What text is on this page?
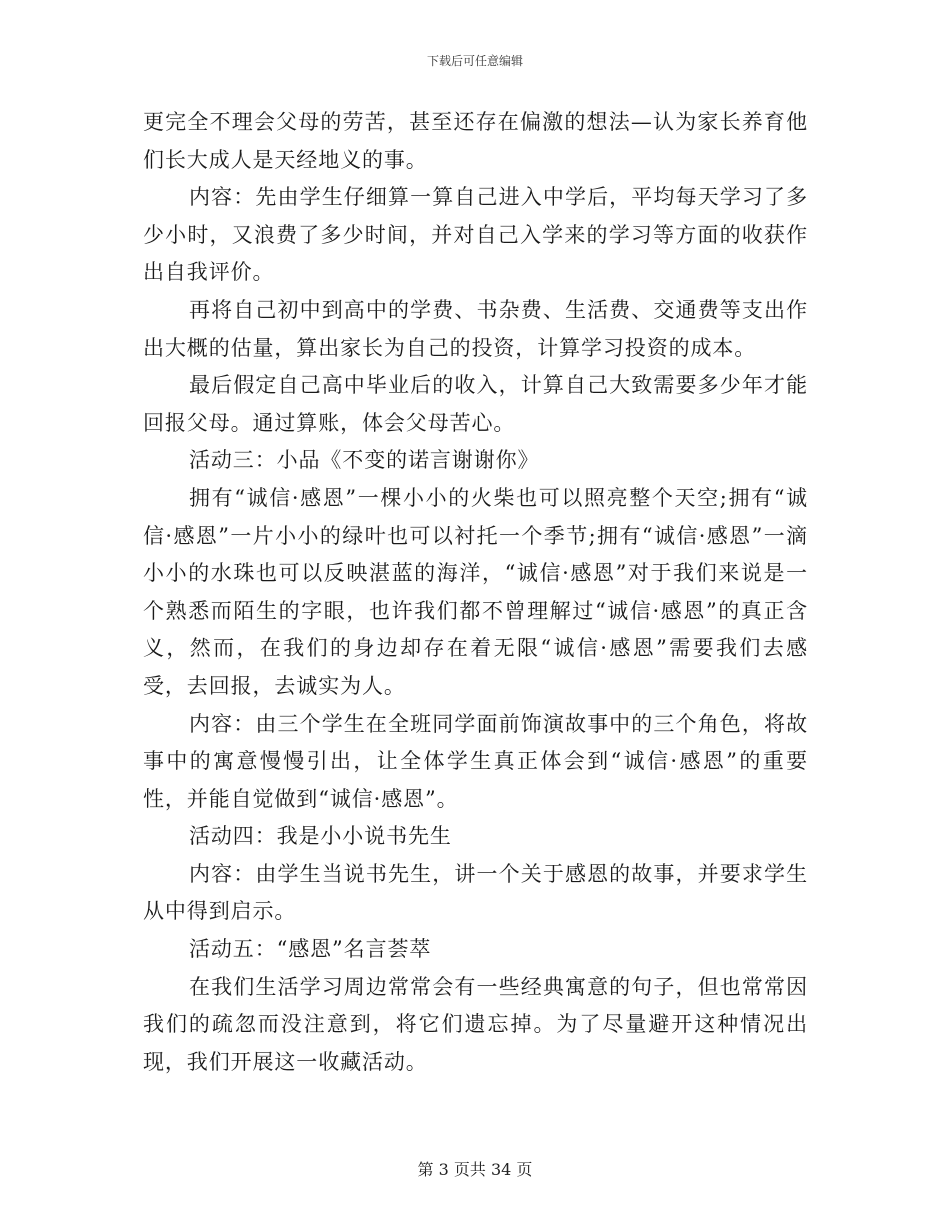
下载后可任意编辑

更完全不理会父母的劳苦，甚至还存在偏激的想法—认为家长养育他们长大成人是天经地义的事。

内容：先由学生仔细算一算自己进入中学后，平均每天学习了多少小时，又浪费了多少时间，并对自己入学来的学习等方面的收获作出自我评价。

再将自己初中到高中的学费、书杂费、生活费、交通费等支出作出大概的估量，算出家长为自己的投资，计算学习投资的成本。

最后假定自己高中毕业后的收入，计算自己大致需要多少年才能回报父母。通过算账，体会父母苦心。

活动三：小品《不变的诺言谢谢你》

拥有“诚信·感恩”一棵小小的火柴也可以照亮整个天空;拥有“诚信·感恩”一片小小的绿叶也可以衬托一个季节;拥有“诚信·感恩”一滴小小的水珠也可以反映湛蓝的海洋，“诚信·感恩”对于我们来说是一个熟悉而陌生的字眼，也许我们都不曾理解过“诚信·感恩”的真正含义，然而，在我们的身边却存在着无限“诚信·感恩”需要我们去感受，去回报，去诚实为人。

内容：由三个学生在全班同学面前饰演故事中的三个角色，将故事中的寓意慢慢引出，让全体学生真正体会到“诚信·感恩”的重要性，并能自觉做到“诚信·感恩”。

活动四：我是小小说书先生

内容：由学生当说书先生，讲一个关于感恩的故事，并要求学生从中得到启示。

活动五：“感恩”名言荟萃

在我们生活学习周边常常会有一些经典寓意的句子，但也常常因我们的疏忽而没注意到，将它们遗忘掉。为了尽量避开这种情况出现，我们开展这一收藏活动。

第 3 页共 34 页
